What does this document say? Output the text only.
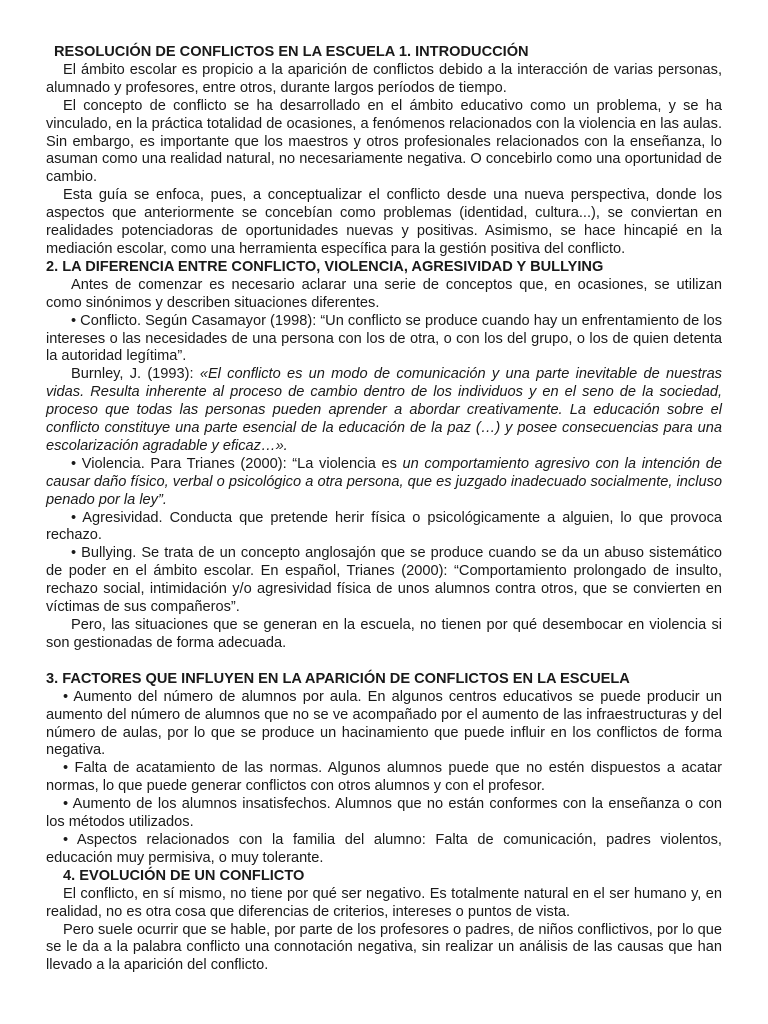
RESOLUCIÓN DE CONFLICTOS EN LA ESCUELA 1. INTRODUCCIÓN

El ámbito escolar es propicio a la aparición de conflictos debido a la interacción de varias personas, alumnado y profesores, entre otros, durante largos períodos de tiempo.

El concepto de conflicto se ha desarrollado en el ámbito educativo como un problema, y se ha vinculado, en la práctica totalidad de ocasiones, a fenómenos relacionados con la violencia en las aulas. Sin embargo, es importante que los maestros y otros profesionales relacionados con la enseñanza, lo asuman como una realidad natural, no necesariamente negativa. O concebirlo como una oportunidad de cambio.

Esta guía se enfoca, pues, a conceptualizar el conflicto desde una nueva perspectiva, donde los aspectos que anteriormente se concebían como problemas (identidad, cultura...), se conviertan en realidades potenciadoras de oportunidades nuevas y positivas. Asimismo, se hace hincapié en la mediación escolar, como una herramienta específica para la gestión positiva del conflicto.

2. LA DIFERENCIA ENTRE CONFLICTO, VIOLENCIA, AGRESIVIDAD Y BULLYING

Antes de comenzar es necesario aclarar una serie de conceptos que, en ocasiones, se utilizan como sinónimos y describen situaciones diferentes.

• Conflicto. Según Casamayor (1998): “Un conflicto se produce cuando hay un enfrentamiento de los intereses o las necesidades de una persona con los de otra, o con los del grupo, o los de quien detenta la autoridad legítima”.

Burnley, J. (1993): «El conflicto es un modo de comunicación y una parte inevitable de nuestras vidas. Resulta inherente al proceso de cambio dentro de los individuos y en el seno de la sociedad, proceso que todas las personas pueden aprender a abordar creativamente. La educación sobre el conflicto constituye una parte esencial de la educación de la paz (…) y posee consecuencias para una escolarización agradable y eficaz…».

• Violencia. Para Trianes (2000): “La violencia es un comportamiento agresivo con la intención de causar daño físico, verbal o psicológico a otra persona, que es juzgado inadecuado socialmente, incluso penado por la ley”.

• Agresividad. Conducta que pretende herir física o psicológicamente a alguien, lo que provoca rechazo.

• Bullying. Se trata de un concepto anglosajón que se produce cuando se da un abuso sistemático de poder en el ámbito escolar. En español, Trianes (2000): “Comportamiento prolongado de insulto, rechazo social, intimidación y/o agresividad física de unos alumnos contra otros, que se convierten en víctimas de sus compañeros”.

Pero, las situaciones que se generan en la escuela, no tienen por qué desembocar en violencia si son gestionadas de forma adecuada.

3. FACTORES QUE INFLUYEN EN LA APARICIÓN DE CONFLICTOS EN LA ESCUELA

• Aumento del número de alumnos por aula. En algunos centros educativos se puede producir un aumento del número de alumnos que no se ve acompañado por el aumento de las infraestructuras y del número de aulas, por lo que se produce un hacinamiento que puede influir en los conflictos de forma negativa.

• Falta de acatamiento de las normas. Algunos alumnos puede que no estén dispuestos a acatar normas, lo que puede generar conflictos con otros alumnos y con el profesor.

• Aumento de los alumnos insatisfechos. Alumnos que no están conformes con la enseñanza o con los métodos utilizados.

• Aspectos relacionados con la familia del alumno: Falta de comunicación, padres violentos, educación muy permisiva, o muy tolerante.

4. EVOLUCIÓN DE UN CONFLICTO

El conflicto, en sí mismo, no tiene por qué ser negativo. Es totalmente natural en el ser humano y, en realidad, no es otra cosa que diferencias de criterios, intereses o puntos de vista.

Pero suele ocurrir que se hable, por parte de los profesores o padres, de niños conflictivos, por lo que se le da a la palabra conflicto una connotación negativa, sin realizar un análisis de las causas que han llevado a la aparición del conflicto.
